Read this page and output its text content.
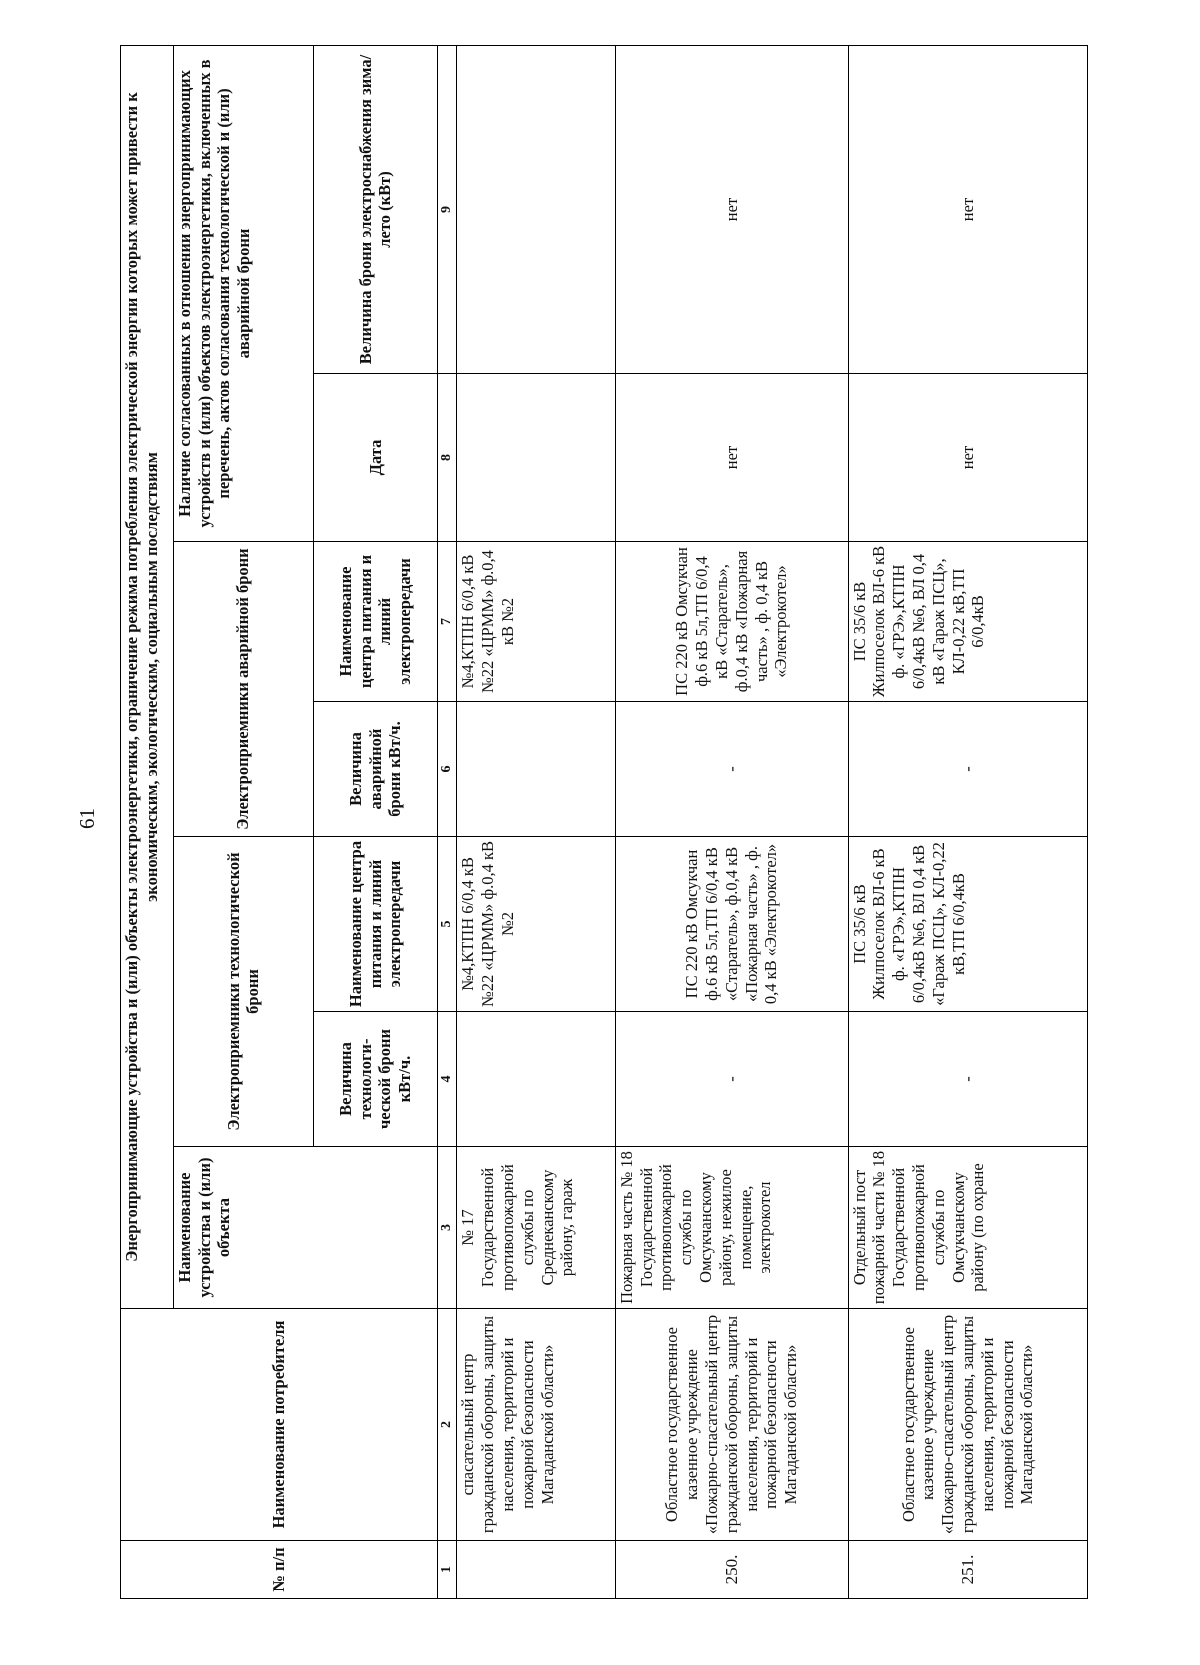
61
№ п/п	Наименование потребителя	Энергопринимающие устройства и (или) объекты электроэнергетики, ограничение режима потребления электрической энергии которых может привести к экономическим, экологическим, социальным последствиям						
		Наименование устройства и (или) объекта	Электроприемники технологической брони		Электроприемники аварийной брони		Наличие согласованных в отношении энергопринимающих устройств и (или) объектов электроэнергетики, включенных в перечень, актов согласования технологической и (или) аварийной брони	
			Величина технологи-ческой брони кВт/ч.	Наименование центра питания и линий электропередачи	Величина аварийной брони кВт/ч.	Наименование центра питания и линий электропередачи	Дата	Величина брони электроснабжения зима/лето (кВт)
1	2	3	4	5	6	7	8	9
	спасательный центр гражданской обороны, защиты населения, территорий и пожарной безопасности Магаданской области»	№ 17 Государственной противопожарной службы по Среднеканскому району, гараж		№4,КТПН 6/0,4 кВ №22 «ЦРММ» ф.0,4 кВ №2		№4,КТПН 6/0,4 кВ №22 «ЦРММ» ф.0,4 кВ №2		
250.	Областное государственное казенное учреждение «Пожарно-спасательный центр гражданской обороны, защиты населения, территорий и пожарной безопасности Магаданской области»	Пожарная часть № 18 Государственной противопожарной службы по Омсукчанскому району, нежилое помещение, электрокотел	-	ПС 220 кВ Омсукчан ф.6 кВ 5л,ТП 6/0,4 кВ «Старатель», ф.0,4 кВ «Пожарная часть» , ф. 0,4 кВ «Электрокотел»	-	ПС 220 кВ Омсукчан ф.6 кВ 5л,ТП 6/0,4 кВ «Старатель», ф.0,4 кВ «Пожарная часть» , ф. 0,4 кВ «Электрокотел»	нет	нет
251.	Областное государственное казенное учреждение «Пожарно-спасательный центр гражданской обороны, защиты населения, территорий и пожарной безопасности Магаданской области»	Отдельный пост пожарной части № 18 Государственной противопожарной службы по Омсукчанскому району (по охране	-	ПС 35/6 кВ Жилпоселок ВЛ-6 кВ ф. «ГРЭ»,КТПН 6/0,4кВ №6, ВЛ 0,4 кВ «Гараж ПСЦ», КЛ-0,22 кВ,ТП 6/0,4кВ	-	ПС 35/6 кВ Жилпоселок ВЛ-6 кВ ф. «ГРЭ»,КТПН 6/0,4кВ №6, ВЛ 0,4 кВ «Гараж ПСЦ», КЛ-0,22 кВ,ТП 6/0,4кВ	нет	нет
